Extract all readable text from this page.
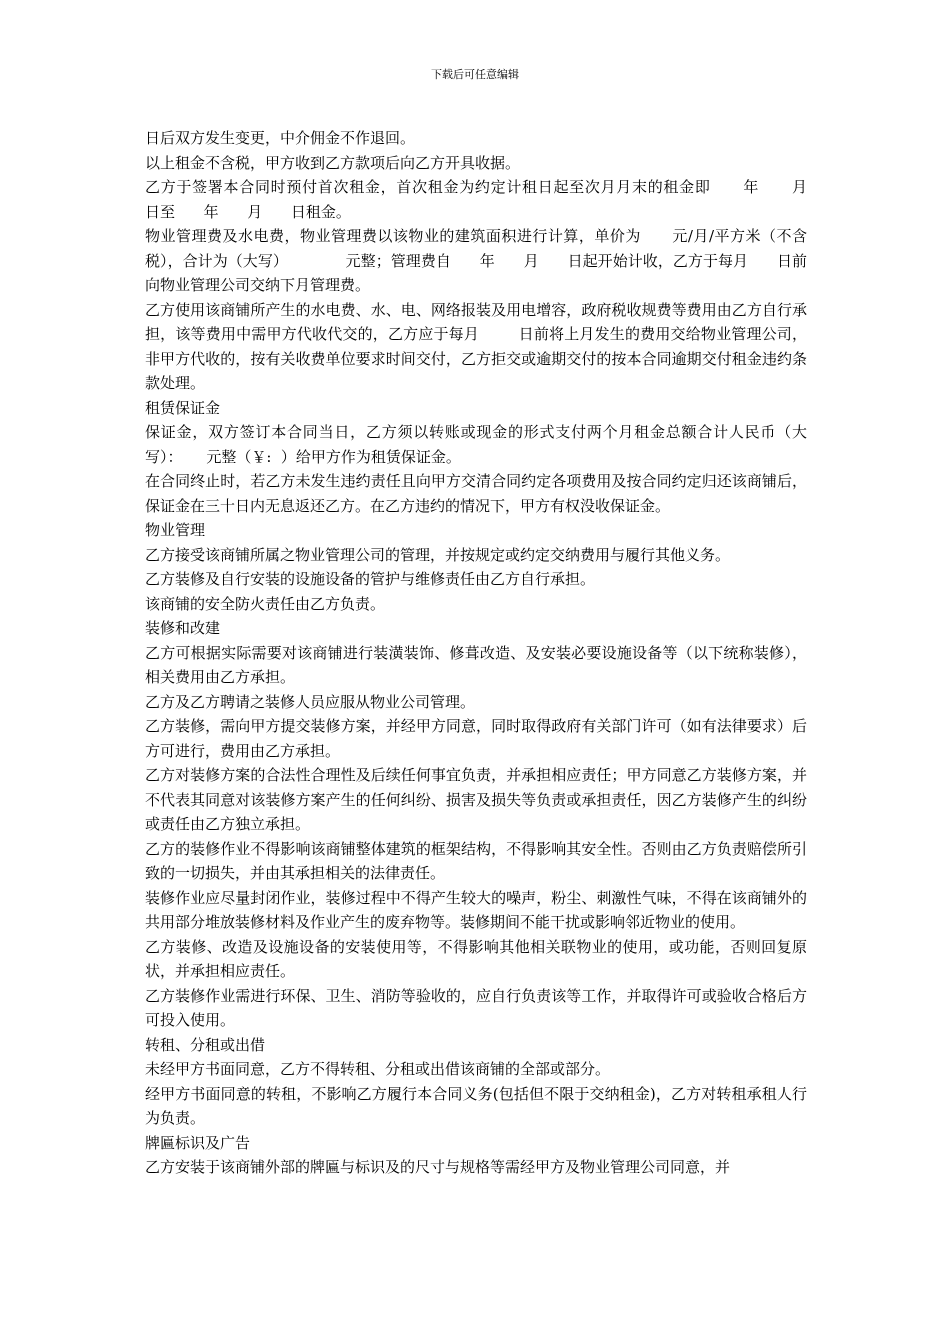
下载后可任意编辑

日后双方发生变更，中介佣金不作退回。

以上租金不含税，甲方收到乙方款项后向乙方开具收据。

乙方于签署本合同时预付首次租金，首次租金为约定计租日起至次月月末的租金即      年      月      日至      年      月      日租金。

物业管理费及水电费，物业管理费以该物业的建筑面积进行计算，单价为      元/月/平方米（不含税），合计为（大写）            元整；管理费自      年      月      日起开始计收，乙方于每月      日前向物业管理公司交纳下月管理费。

乙方使用该商铺所产生的水电费、水、电、网络报装及用电增容，政府税收规费等费用由乙方自行承担，该等费用中需甲方代收代交的，乙方应于每月        日前将上月发生的费用交给物业管理公司，非甲方代收的，按有关收费单位要求时间交付，乙方拒交或逾期交付的按本合同逾期交付租金违约条款处理。

租赁保证金

保证金，双方签订本合同当日，乙方须以转账或现金的形式支付两个月租金总额合计人民币（大写）：     元整（￥:  ）给甲方作为租赁保证金。

在合同终止时，若乙方未发生违约责任且向甲方交清合同约定各项费用及按合同约定归还该商铺后，保证金在三十日内无息返还乙方。在乙方违约的情况下，甲方有权没收保证金。

物业管理

乙方接受该商铺所属之物业管理公司的管理，并按规定或约定交纳费用与履行其他义务。

乙方装修及自行安装的设施设备的管护与维修责任由乙方自行承担。

该商铺的安全防火责任由乙方负责。

装修和改建

乙方可根据实际需要对该商铺进行装潢装饰、修葺改造、及安装必要设施设备等（以下统称装修），相关费用由乙方承担。

乙方及乙方聘请之装修人员应服从物业公司管理。

乙方装修，需向甲方提交装修方案，并经甲方同意，同时取得政府有关部门许可（如有法律要求）后方可进行，费用由乙方承担。

乙方对装修方案的合法性合理性及后续任何事宜负责，并承担相应责任；甲方同意乙方装修方案，并不代表其同意对该装修方案产生的任何纠纷、损害及损失等负责或承担责任，因乙方装修产生的纠纷或责任由乙方独立承担。

乙方的装修作业不得影响该商铺整体建筑的框架结构，不得影响其安全性。否则由乙方负责赔偿所引致的一切损失，并由其承担相关的法律责任。

装修作业应尽量封闭作业，装修过程中不得产生较大的噪声，粉尘、刺激性气味，不得在该商铺外的共用部分堆放装修材料及作业产生的废弃物等。装修期间不能干扰或影响邻近物业的使用。

乙方装修、改造及设施设备的安装使用等，不得影响其他相关联物业的使用，或功能，否则回复原状，并承担相应责任。

乙方装修作业需进行环保、卫生、消防等验收的，应自行负责该等工作，并取得许可或验收合格后方可投入使用。

转租、分租或出借

未经甲方书面同意，乙方不得转租、分租或出借该商铺的全部或部分。

经甲方书面同意的转租，不影响乙方履行本合同义务(包括但不限于交纳租金)，乙方对转租承租人行为负责。

牌匾标识及广告

乙方安装于该商铺外部的牌匾与标识及的尺寸与规格等需经甲方及物业管理公司同意，并
